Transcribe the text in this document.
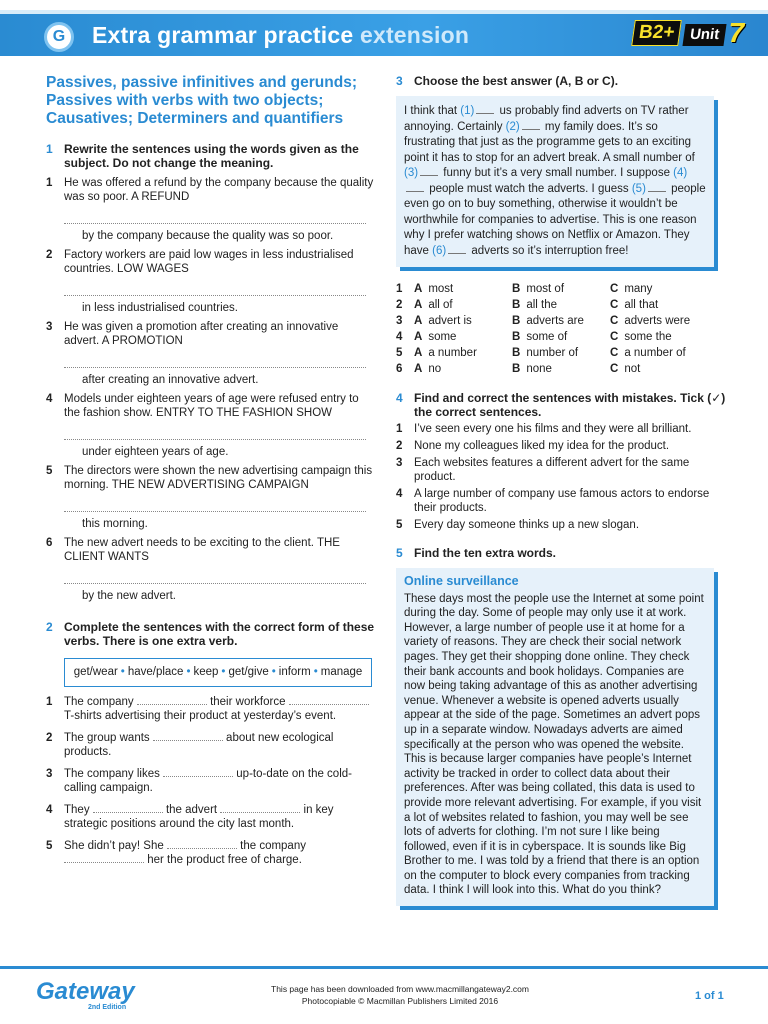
G Extra grammar practice extension	B2+ Unit 7
Passives, passive infinitives and gerunds; Passives with verbs with two objects; Causatives; Determiners and quantifiers
1 Rewrite the sentences using the words given as the subject. Do not change the meaning.
1	He was offered a refund by the company because the quality was so poor. A REFUND
by the company because the quality was so poor.
2	Factory workers are paid low wages in less industrialised countries. LOW WAGES
in less industrialised countries.
3	He was given a promotion after creating an innovative advert. A PROMOTION
after creating an innovative advert.
4	Models under eighteen years of age were refused entry to the fashion show. ENTRY TO THE FASHION SHOW
under eighteen years of age.
5	The directors were shown the new advertising campaign this morning. THE NEW ADVERTISING CAMPAIGN
this morning.
6	The new advert needs to be exciting to the client. THE CLIENT WANTS
by the new advert.
2 Complete the sentences with the correct form of these verbs. There is one extra verb.
get/wear • have/place • keep • get/give • inform • manage
1	The company	their workforce  T-shirts advertising their product at yesterday’s event.
2	The group wants	about new ecological products.
3	The company likes	up-to-date on the cold-calling campaign.
4	They	the advert	in key strategic positions around the city last month.
5	She didn’t pay! She	the company  her the product free of charge.
3 Choose the best answer (A, B or C).
I think that (1) us probably find adverts on TV rather annoying. Certainly (2) my family does. It’s so frustrating that just as the programme gets to an exciting point it has to stop for an advert break. A small number of (3) funny but it’s a very small number. I suppose (4) people must watch the adverts. I guess (5) people even go on to buy something, otherwise it wouldn’t be worthwhile for companies to advertise. This is one reason why I prefer watching shows on Netflix or Amazon. They have (6) adverts so it’s interruption free!
1	A most	B most of	C many
2	A all of	B all the	C all that
3	A advert is	B adverts are	C adverts were
4	A some	B some of	C some the
5	A a number	B number of	C a number of
6	A no	B none	C not
4 Find and correct the sentences with mistakes. Tick (✓) the correct sentences.
1	I’ve seen every one his films and they were all brilliant.
2	None my colleagues liked my idea for the product.
3	Each websites features a different advert for the same product.
4	A large number of company use famous actors to endorse their products.
5	Every day someone thinks up a new slogan.
5 Find the ten extra words.
Online surveillance
These days most the people use the Internet at some point during the day. Some of people may only use it at work. However, a large number of people use it at home for a variety of reasons. They are check their social network pages. They get their shopping done online. They check their bank accounts and book holidays. Companies are now being taking advantage of this as another advertising venue. Whenever a website is opened adverts usually appear at the side of the page. Sometimes an advert pops up in a separate window. Nowadays adverts are aimed specifically at the person who was opened the website. This is because larger companies have people’s Internet activity be tracked in order to collect data about their preferences. After was being collated, this data is used to provide more relevant advertising. For example, if you visit a lot of websites related to fashion, you may well be see lots of adverts for clothing. I’m not sure I like being followed, even if it is in cyberspace. It is sounds like Big Brother to me. I was told by a friend that there is an option on the computer to block every companies from tracking data. I think I will look into this. What do you think?
Gateway
2nd Edition
This page has been downloaded from www.macmillangateway2.com
Photocopiable © Macmillan Publishers Limited 2016	1 of 1
